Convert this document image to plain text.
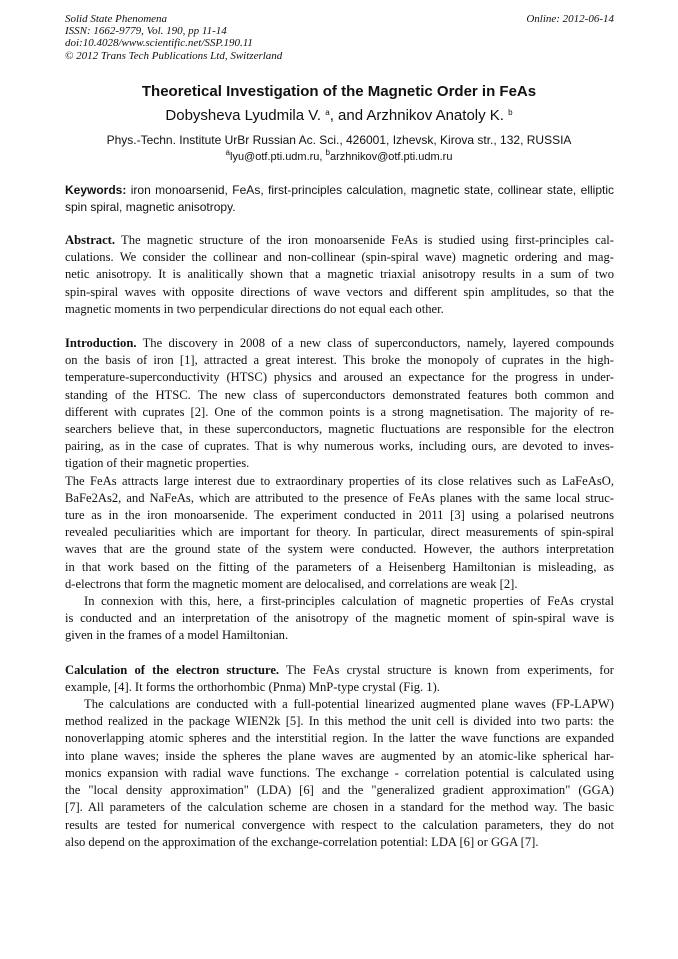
Solid State Phenomena
ISSN: 1662-9779, Vol. 190, pp 11-14
doi:10.4028/www.scientific.net/SSP.190.11
© 2012 Trans Tech Publications Ltd, Switzerland
Online: 2012-06-14
Theoretical Investigation of the Magnetic Order in FeAs
Dobysheva Lyudmila V. $^a$, and Arzhnikov Anatoly K. $^b$
Phys.-Techn. Institute UrBr Russian Ac. Sci., 426001, Izhevsk, Kirova str., 132, RUSSIA
$^a$lyu@otf.pti.udm.ru, $^b$arzhnikov@otf.pti.udm.ru
Keywords: iron monoarsenid, FeAs, first-principles calculation, magnetic state, collinear state, elliptic
spin spiral, magnetic anisotropy.
Abstract. The magnetic structure of the iron monoarsenide FeAs is studied using first-principles cal-
culations. We consider the collinear and non-collinear (spin-spiral wave) magnetic ordering and mag-
netic anisotropy. It is analitically shown that a magnetic triaxial anisotropy results in a sum of two
spin-spiral waves with opposite directions of wave vectors and different spin amplitudes, so that the
magnetic moments in two perpendicular directions do not equal each other.
Introduction. The discovery in 2008 of a new class of superconductors, namely, layered compounds
on the basis of iron [1], attracted a great interest. This broke the monopoly of cuprates in the high-
temperature-superconductivity (HTSC) physics and aroused an expectance for the progress in under-
standing of the HTSC. The new class of superconductors demonstrated features both common and
different with cuprates [2]. One of the common points is a strong magnetisation. The majority of re-
searchers believe that, in these superconductors, magnetic fluctuations are responsible for the electron
pairing, as in the case of cuprates. That is why numerous works, including ours, are devoted to inves-
tigation of their magnetic properties.
The FeAs attracts large interest due to extraordinary properties of its close relatives such as LaFeAsO,
BaFe2As2, and NaFeAs, which are attributed to the presence of FeAs planes with the same local struc-
ture as in the iron monoarsenide. The experiment conducted in 2011 [3] using a polarised neutrons
revealed peculiarities which are important for theory. In particular, direct measurements of spin-spiral
waves that are the ground state of the system were conducted. However, the authors interpretation
in that work based on the fitting of the parameters of a Heisenberg Hamiltonian is misleading, as
d-electrons that form the magnetic moment are delocalised, and correlations are weak [2].
In connexion with this, here, a first-principles calculation of magnetic properties of FeAs crystal
is conducted and an interpretation of the anisotropy of the magnetic moment of spin-spiral wave is
given in the frames of a model Hamiltonian.
Calculation of the electron structure. The FeAs crystal structure is known from experiments, for
example, [4]. It forms the orthorhombic (Pnma) MnP-type crystal (Fig. 1).
The calculations are conducted with a full-potential linearized augmented plane waves (FP-LAPW)
method realized in the package WIEN2k [5]. In this method the unit cell is divided into two parts: the
nonoverlapping atomic spheres and the interstitial region. In the latter the wave functions are expanded
into plane waves; inside the spheres the plane waves are augmented by an atomic-like spherical har-
monics expansion with radial wave functions. The exchange - correlation potential is calculated using
the "local density approximation" (LDA) [6] and the "generalized gradient approximation" (GGA)
[7]. All parameters of the calculation scheme are chosen in a standard for the method way. The basic
results are tested for numerical convergence with respect to the calculation parameters, they do not
also depend on the approximation of the exchange-correlation potential: LDA [6] or GGA [7].
